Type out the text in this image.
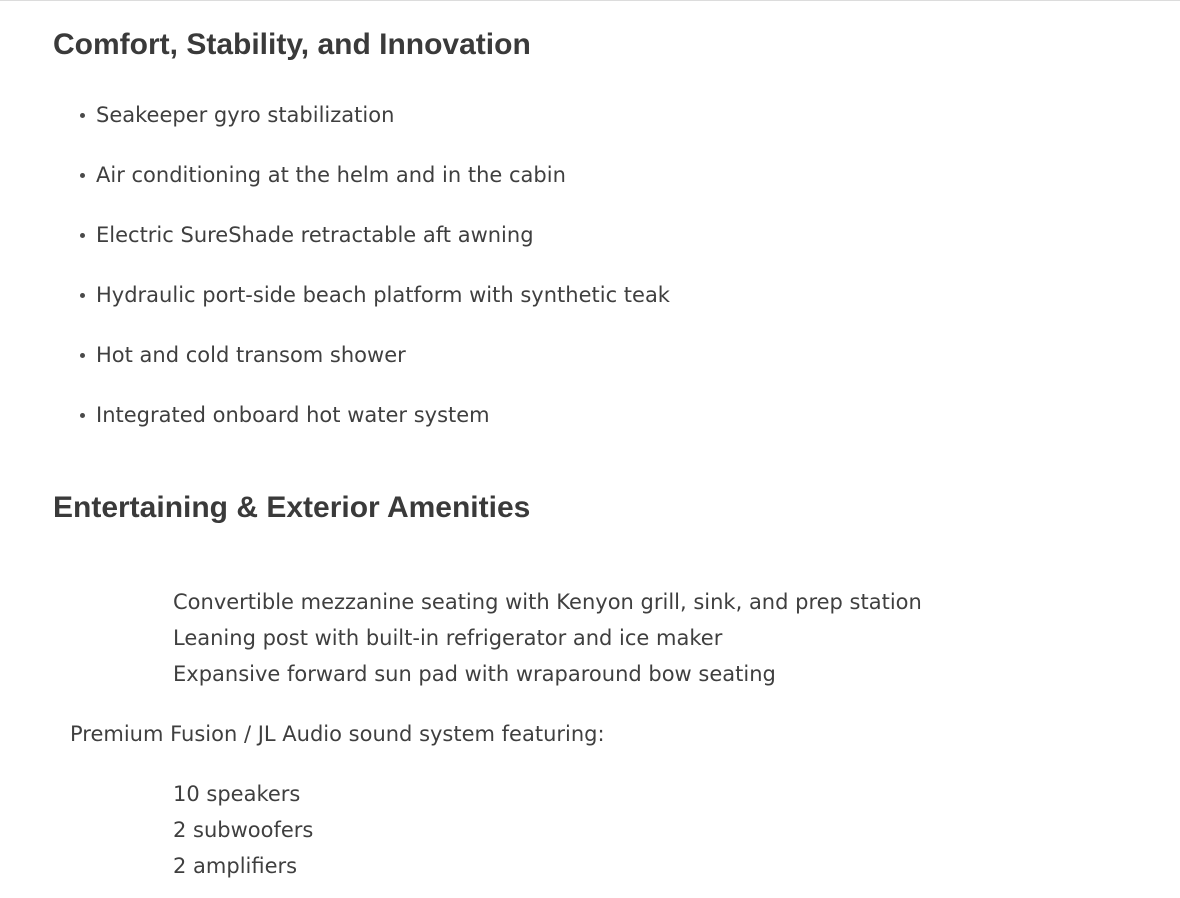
Comfort, Stability, and Innovation
Seakeeper gyro stabilization
Air conditioning at the helm and in the cabin
Electric SureShade retractable aft awning
Hydraulic port-side beach platform with synthetic teak
Hot and cold transom shower
Integrated onboard hot water system
Entertaining & Exterior Amenities
Convertible mezzanine seating with Kenyon grill, sink, and prep station
Leaning post with built-in refrigerator and ice maker
Expansive forward sun pad with wraparound bow seating

Premium Fusion / JL Audio sound system featuring:

10 speakers
2 subwoofers
2 amplifiers
